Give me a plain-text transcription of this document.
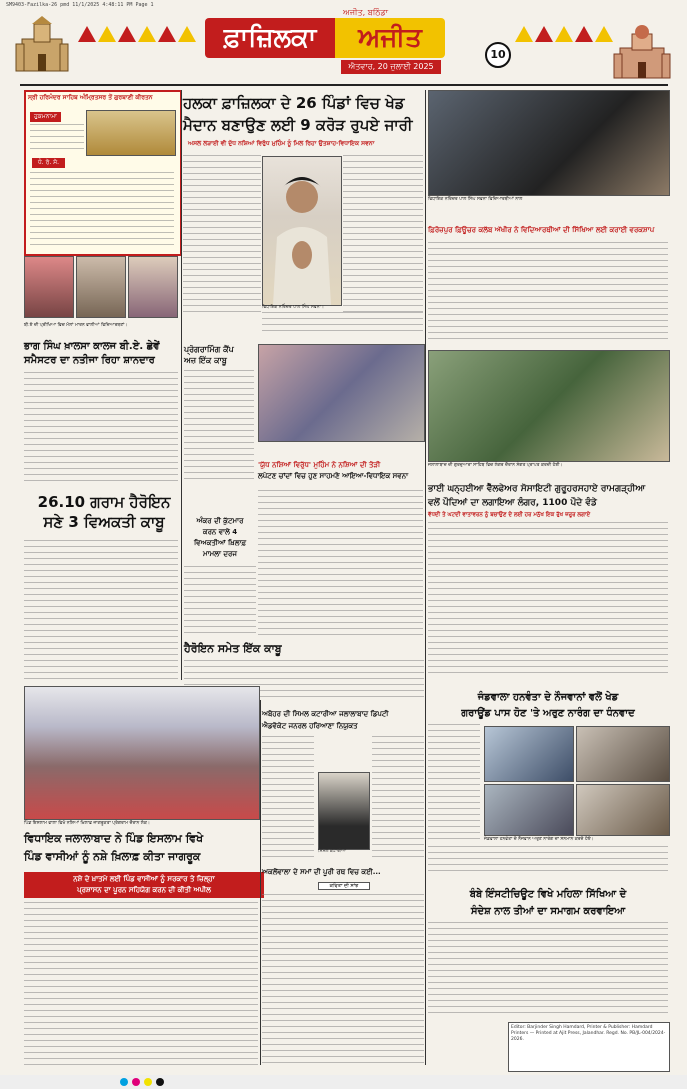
SM9403-Fazilka-26 pmd 11/1/2025 4:48:11 PM Page 1
ਅਜੀਤ, ਬਠਿੰਡਾ
ਫ਼ਾਜ਼ਿਲਕਾ	ਅਜੀਤ
ਐਤਵਾਰ, 20 ਜੁਲਾਈ 2025
10
ਸ੍ਰੀ ਹਰਿਮੰਦਰ ਸਾਹਿਬ ਅੰਮ੍ਰਿਤਸਰ ਤੋਂ ਗੁਰਬਾਣੀ ਕੀਰਤਨ
ਹੁਕਮਨਾਮਾ
ਧੰ. ਰੋ. ਸੋ.
ਬੀ.ਏ ਦੀ ਪ੍ਰੀਖਿਆ ਵਿਚ ਮੱਲਾਂ ਮਾਰਨ ਵਾਲੀਆਂ ਵਿਦਿਆਰਥਣਾਂ।
ਭਾਗ ਸਿੰਘ ਖ਼ਾਲਸਾ ਕਾਲਜ ਬੀ.ਏ. ਛੇਵੇਂ
ਸਮੈਸਟਰ ਦਾ ਨਤੀਜਾ ਰਿਹਾ ਸ਼ਾਨਦਾਰ
26.10 ਗਰਾਮ ਹੈਰੋਇਨ
ਸਣੇ 3 ਵਿਅਕਤੀ ਕਾਬੂ
ਹਲਕਾ ਫ਼ਾਜ਼ਿਲਕਾ ਦੇ 26 ਪਿੰਡਾਂ ਵਿਚ ਖੇਡ
ਮੈਦਾਨ ਬਣਾਉਣ ਲਈ 9 ਕਰੋੜ ਰੁਪਏ ਜਾਰੀ
ਅਸਲ ਲੜਾਈ ਵੀ ਦੁੱਧ ਨਸ਼ਿਆਂ ਵਿਰੁੱਧ ਮੁਹਿੰਮ ਨੂੰ ਮਿਲ ਰਿਹਾ ਉਤਸ਼ਾਹ-ਵਿਧਾਇਕ ਸਵਨਾ
ਵਿਧਾਇਕ ਨਰਿੰਦਰ ਪਾਲ ਸਿੰਘ ਸਵਨਾ।
ਵਿਧਾਇਕ ਨਰਿੰਦਰ ਪਾਲ ਸਿੰਘ ਸਵਨਾ ਵਿਦਿਆਰਥੀਆਂ ਨਾਲ
ਫ਼ਿਰੋਜ਼ਪੁਰ ਫ਼ਿਊਚਰ ਕਲੱਬ ਅੱਖੀਰ ਨੇ ਵਿਦਿਆਰਥੀਆਂ ਦੀ ਸਿੱਖਿਆ ਲਈ ਕਰਾਈ ਵਰਕਸ਼ਾਪ
ਪ੍ਰੋਗਰਾਮਿੰਗ ਕੈਂਪ
ਅਜ਼ ਇੱਕ ਕਾਬੂ
'ਯੁੱਧ ਨਸ਼ਿਆਂ ਵਿਰੁੱਧ' ਮੁਹਿੰਮ ਨੇ ਨਸ਼ਿਆਂ ਦੀ ਤੋੜੀ
ਲਪੇਟਣ ਚਾਂਦਾਂ ਵਿਚ ਹੁਣ ਸਾਹਮਣੇ ਆਇਆ-ਵਿਧਾਇਕ ਸਵਨਾ
ਅੰਕਰ ਦੀ ਕੁੱਟਮਾਰ
ਕਰਨ ਵਾਲੇ 4
ਵਿਅਕਤੀਆਂ ਖ਼ਿਲਾਫ਼
ਮਾਮਲਾ ਦਰਜ
ਹੈਰੋਇਨ ਸਮੇਤ ਇੱਕ ਕਾਬੂ
ਜਲਾਲਾਬਾਦ ਦੀ ਗੁਰਦੁਆਰਾ ਸਾਹਿਬ ਵਿਚ ਲੰਗਰ ਦੌਰਾਨ ਸੰਗਤ ਪ੍ਰਾਪਤ ਕਰਦੀ ਹੋਈ।
ਭਾਈ ਘਨ੍ਹਈਆ ਵੈੱਲਫੇਅਰ ਸੋਸਾਇਟੀ ਗੁਰੂਹਰਸਹਾਏ ਰਾਮਗੜ੍ਹੀਆ
ਵਲੋਂ ਪੌਦਿਆਂ ਦਾ ਲਗਾਇਆ ਲੰਗਰ, 1100 ਪੌਦੇ ਵੰਡੇ
ਵੱਧਦੀ ਤੇ ਘਟਦੀ ਵਾਤਾਵਰਨ ਨੂੰ ਬਚਾਉਣ ਦੇ ਲਈ ਹਰ ਮਨੁੱਖ ਇਕ ਰੁੱਖ ਜ਼ਰੂਰ ਲਗਾਏ
ਪਿੰਡ ਇਸਲਾਮ ਵਾਲਾ ਵਿਖੇ ਨਸ਼ਿਆਂ ਖ਼ਿਲਾਫ਼ ਜਾਗਰੂਕਤਾ ਪ੍ਰੋਗਰਾਮ ਦੌਰਾਨ ਲੋਕ।
ਵਿਧਾਇਕ ਜਲਾਲਾਬਾਦ ਨੇ ਪਿੰਡ ਇਸਲਾਮ ਵਿਖੇ
ਪਿੰਡ ਵਾਸੀਆਂ ਨੂੰ ਨਸ਼ੇ ਖ਼ਿਲਾਫ਼ ਕੀਤਾ ਜਾਗਰੂਕ
ਨਸ਼ੇ ਦੇ ਖ਼ਾਤਮੇ ਲਈ ਪਿੰਡ ਵਾਸੀਆਂ ਨੂੰ ਸਰਕਾਰ ਤੇ ਜ਼ਿਲ੍ਹਾ
ਪ੍ਰਸ਼ਾਸਨ ਦਾ ਪੂਰਨ ਸਹਿਯੋਗ ਕਰਨ ਦੀ ਕੀਤੀ ਅਪੀਲ
ਅਬੋਹਰ ਦੀ ਸਿਮਲ ਕਟਾਰੀਆ ਜਲਾਲਾਬਾਦ ਡਿਪਟੀ
ਐਡਵੋਕੇਟ ਜਨਰਲ ਹਰਿਆਣਾ ਨਿਯੁਕਤ
ਸਿਮਲ ਕਟਾਰੀਆ
ਅਕਲੋਂਵਾਲਾ ਦੇ ਸਮਾਂ ਦੀ ਪੂਰੀ ਰਥ ਵਿਚ ਕਈ...
ਕਵਿਤਾ ਦੀ ਸਾਂਝ
ਜੰਡਵਾਲਾ ਹਨਵੰਤਾ ਦੇ ਨੌਜਵਾਨਾਂ ਵਲੋਂ ਖੇਡ
ਗਰਾਊਂਡ ਪਾਸ ਹੋਣ 'ਤੇ ਅਰੁਣ ਨਾਰੰਗ ਦਾ ਧੰਨਵਾਦ
ਜੰਡਵਾਲਾ ਹਨਵੰਤਾ ਦੇ ਨੌਜਵਾਨ ਅਰੁਣ ਨਾਰੰਗ ਦਾ ਸਨਮਾਨ ਕਰਦੇ ਹੋਏ।
ਬੰਬੇ ਇੰਸਟੀਚਿਊਟ ਵਿਖੇ ਮਹਿਲਾ ਸਿੱਖਿਆ ਦੇ
ਸੰਦੇਸ਼ ਨਾਲ ਤੀਆਂ ਦਾ ਸਮਾਗਮ ਕਰਵਾਇਆ
Editor: Barjinder Singh Hamdard, Printer & Publisher: Hamdard Printers — Printed at Ajit Press, Jalandhar. Regd. No. PB/JL-004/2024-2026.
